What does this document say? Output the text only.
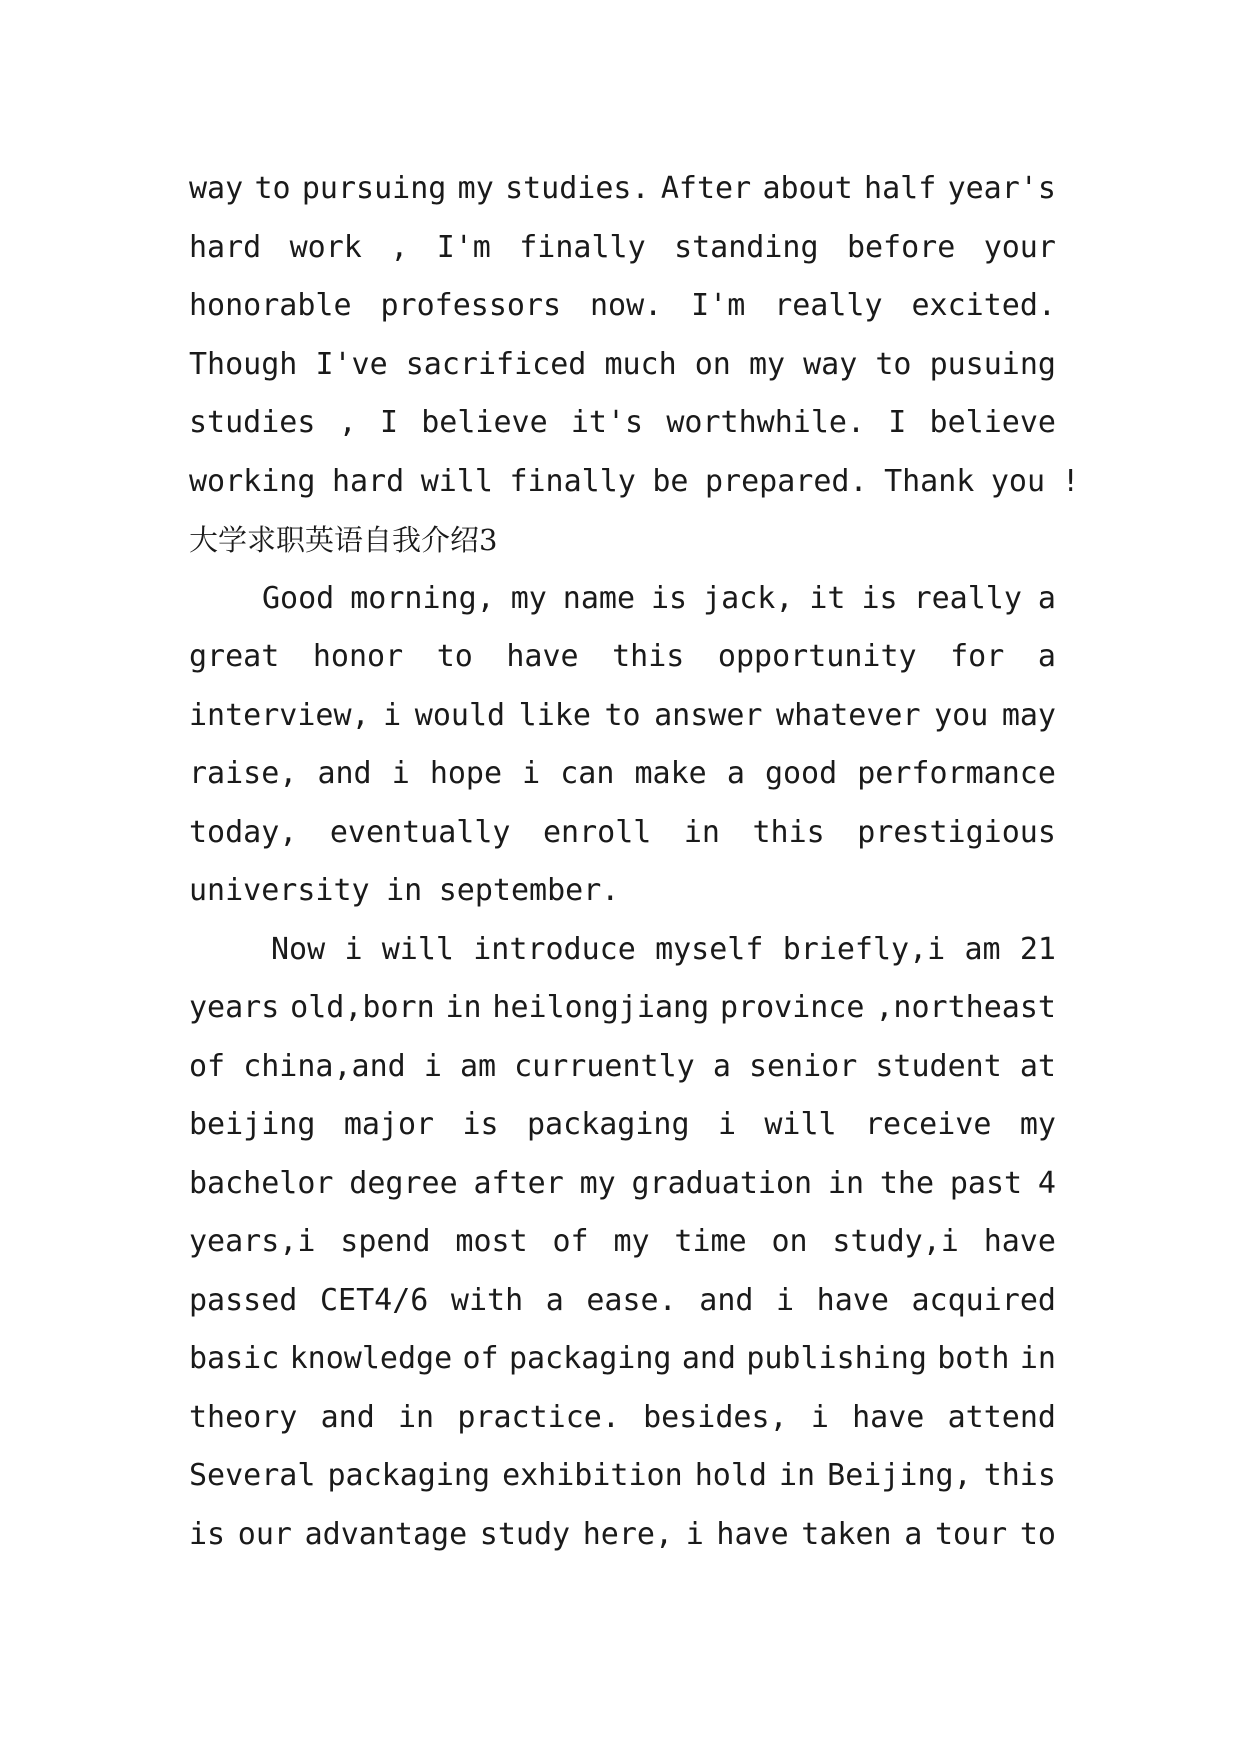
way to pursuing my studies. After about half year's
hard work , I'm finally standing before your
honorable professors now. I'm really excited.
Though I've sacrificed much on my way to pusuing
studies , I believe it's worthwhile. I believe
working hard will finally be prepared. Thank you !
大学求职英语自我介绍3
Good morning, my name is jack, it is really a
great honor to have this opportunity for a
interview, i would like to answer whatever you may
raise, and i hope i can make a good performance
today, eventually enroll in this prestigious
university in september.
Now i will introduce myself briefly,i am 21
years old,born in heilongjiang province ,northeast
of china,and i am curruently a senior student at
beijing major is packaging i will receive my
bachelor degree after my graduation in the past 4
years,i spend most of my time on study,i have
passed CET4/6 with a ease. and i have acquired
basic knowledge of packaging and publishing both in
theory and in practice. besides, i have attend
Several packaging exhibition hold in Beijing, this
is our advantage study here, i have taken a tour to
